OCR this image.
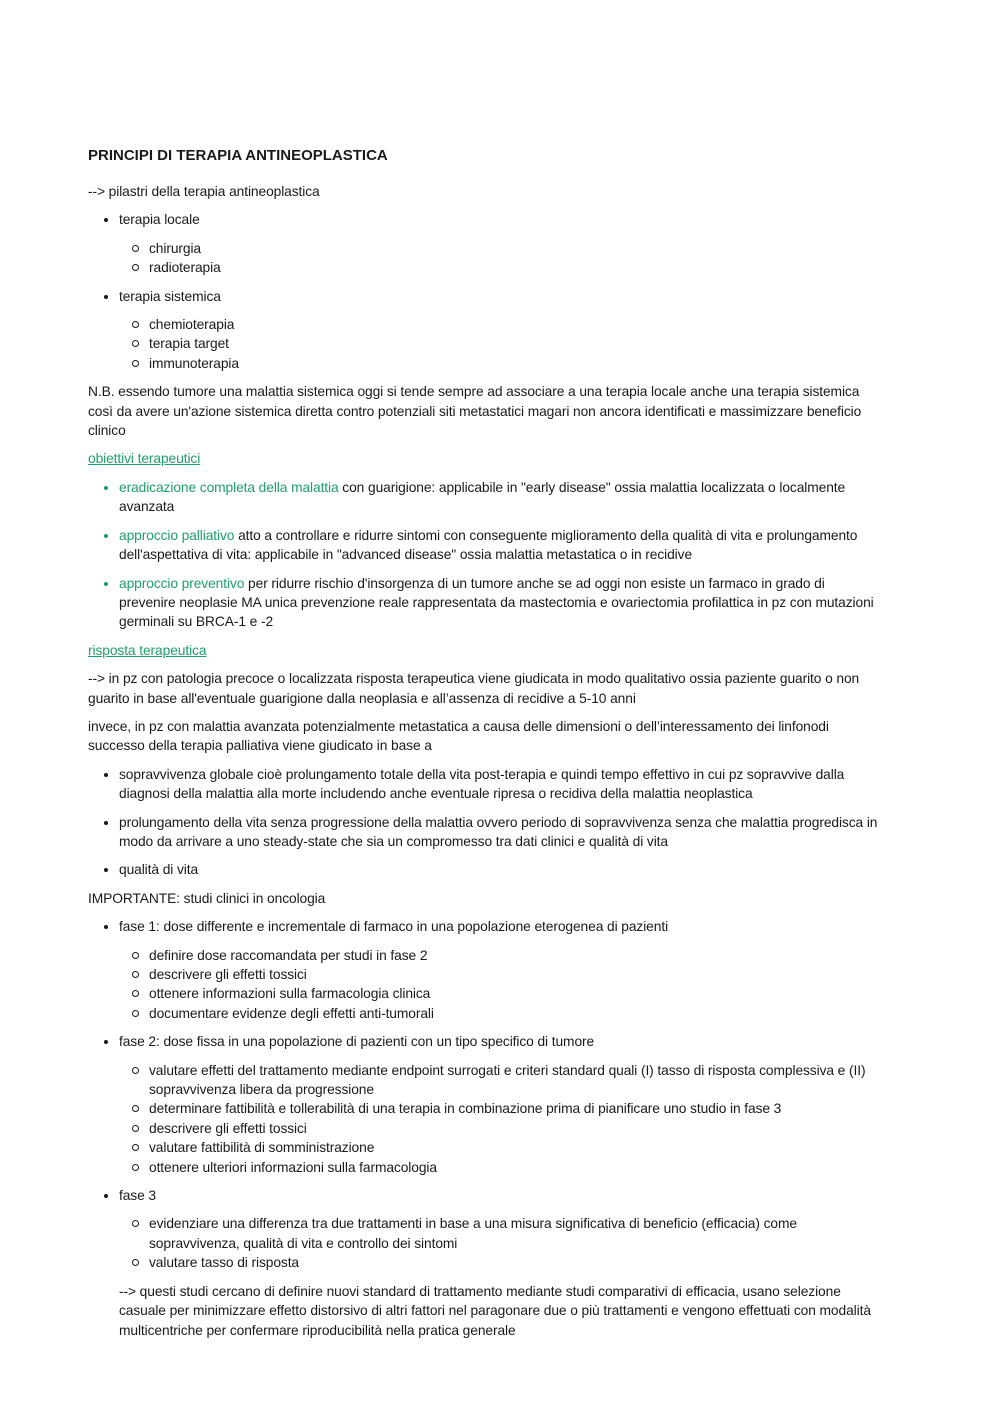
PRINCIPI DI TERAPIA ANTINEOPLASTICA

--> pilastri della terapia antineoplastica

terapia locale
chirurgia
radioterapia
terapia sistemica
chemioterapia
terapia target
immunoterapia

N.B. essendo tumore una malattia sistemica oggi si tende sempre ad associare a una terapia locale anche una terapia sistemica così da avere un'azione sistemica diretta contro potenziali siti metastatici magari non ancora identificati e massimizzare beneficio clinico

obiettivi terapeutici

eradicazione completa della malattia con guarigione: applicabile in "early disease" ossia malattia localizzata o localmente avanzata
approccio palliativo atto a controllare e ridurre sintomi con conseguente miglioramento della qualità di vita e prolungamento dell'aspettativa di vita: applicabile in "advanced disease" ossia malattia metastatica o in recidive
approccio preventivo per ridurre rischio d'insorgenza di un tumore anche se ad oggi non esiste un farmaco in grado di prevenire neoplasie MA unica prevenzione reale rappresentata da mastectomia e ovariectomia profilattica in pz con mutazioni germinali su BRCA-1 e -2

risposta terapeutica

--> in pz con patologia precoce o localizzata risposta terapeutica viene giudicata in modo qualitativo ossia paziente guarito o non guarito in base all'eventuale guarigione dalla neoplasia e all’assenza di recidive a 5-10 anni

invece, in pz con malattia avanzata potenzialmente metastatica a causa delle dimensioni o dell’interessamento dei linfonodi successo della terapia palliativa viene giudicato in base a

sopravvivenza globale cioè prolungamento totale della vita post-terapia e quindi tempo effettivo in cui pz sopravvive dalla diagnosi della malattia alla morte includendo anche eventuale ripresa o recidiva della malattia neoplastica
prolungamento della vita senza progressione della malattia ovvero periodo di sopravvivenza senza che malattia progredisca in modo da arrivare a uno steady-state che sia un compromesso tra dati clinici e qualità di vita
qualità di vita

IMPORTANTE: studi clinici in oncologia

fase 1: dose differente e incrementale di farmaco in una popolazione eterogenea di pazienti
definire dose raccomandata per studi in fase 2
descrivere gli effetti tossici
ottenere informazioni sulla farmacologia clinica
documentare evidenze degli effetti anti-tumorali
fase 2: dose fissa in una popolazione di pazienti con un tipo specifico di tumore
valutare effetti del trattamento mediante endpoint surrogati e criteri standard quali (I) tasso di risposta complessiva e (II) sopravvivenza libera da progressione
determinare fattibilità e tollerabilità di una terapia in combinazione prima di pianificare uno studio in fase 3
descrivere gli effetti tossici
valutare fattibilità di somministrazione
ottenere ulteriori informazioni sulla farmacologia
fase 3
evidenziare una differenza tra due trattamenti in base a una misura significativa di beneficio (efficacia) come sopravvivenza, qualità di vita e controllo dei sintomi
valutare tasso di risposta

--> questi studi cercano di definire nuovi standard di trattamento mediante studi comparativi di efficacia, usano selezione casuale per minimizzare effetto distorsivo di altri fattori nel paragonare due o più trattamenti e vengono effettuati con modalità multicentriche per confermare riproducibilità nella pratica generale
